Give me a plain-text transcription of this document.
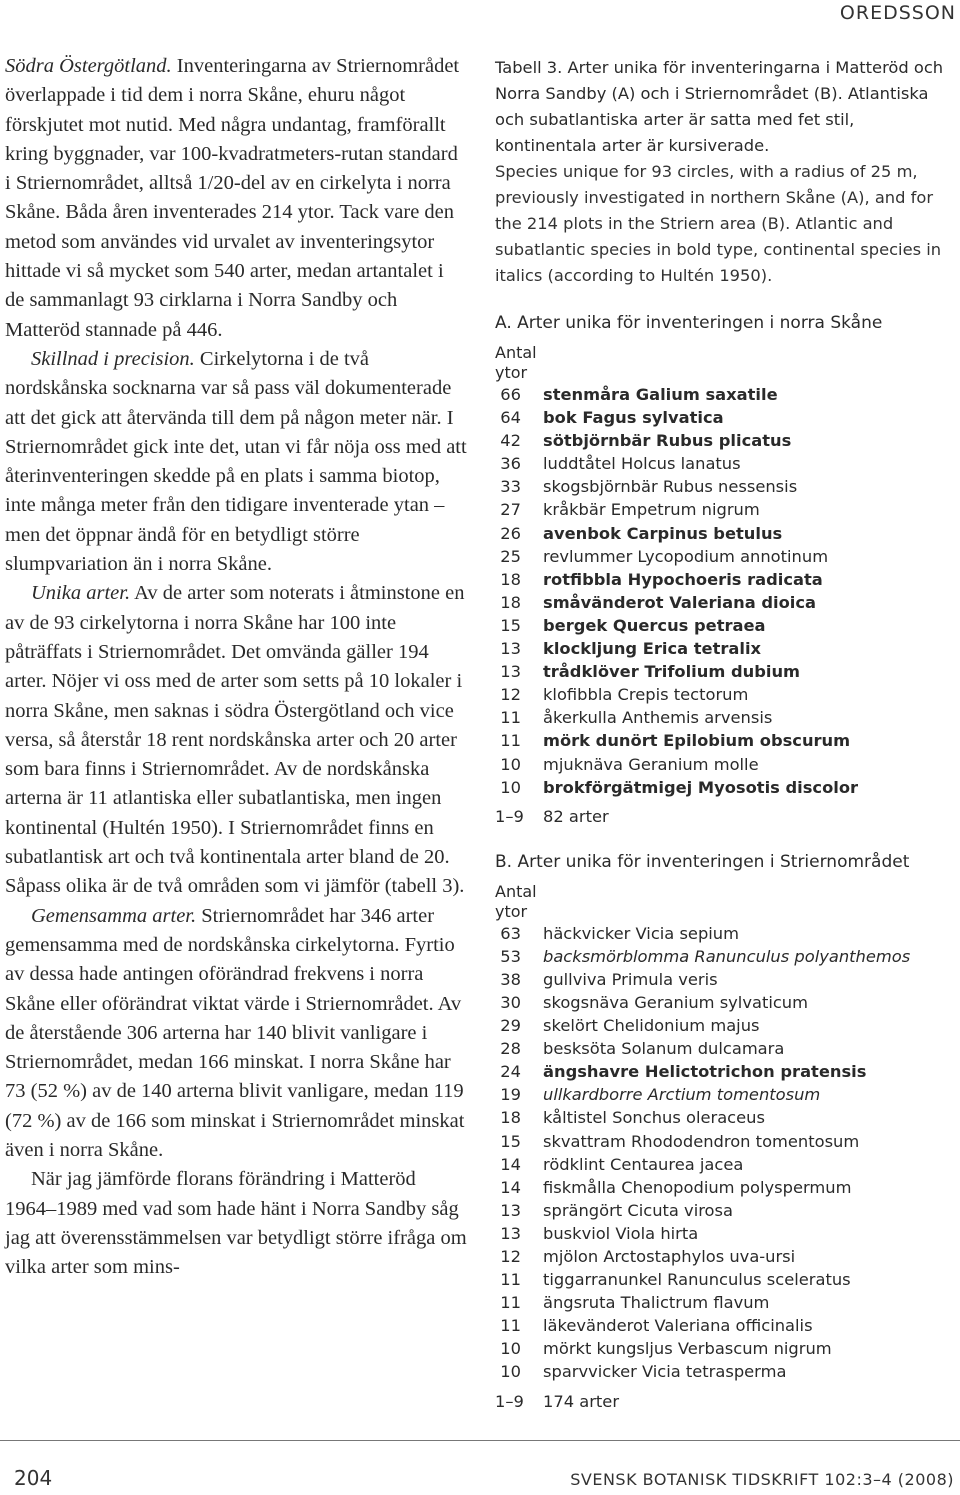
OREDSSON

Södra Östergötland. Inventeringarna av Striernområdet överlappade i tid dem i norra Skåne, ehuru något förskjutet mot nutid. Med några undantag, framförallt kring byggnader, var 100-kvadratmeters-rutan standard i Striernområdet, alltså 1/20-del av en cirkelyta i norra Skåne. Båda åren inventerades 214 ytor. Tack vare den metod som användes vid urvalet av inventeringsytor hittade vi så mycket som 540 arter, medan artantalet i de sammanlagt 93 cirklarna i Norra Sandby och Matteröd stannade på 446.

Skillnad i precision. Cirkelytorna i de två nordskånska socknarna var så pass väl dokumenterade att det gick att återvända till dem på någon meter när. I Striernområdet gick inte det, utan vi får nöja oss med att återinventeringen skedde på en plats i samma biotop, inte många meter från den tidigare inventerade ytan – men det öppnar ändå för en betydligt större slumpvariation än i norra Skåne.

Unika arter. Av de arter som noterats i åtminstone en av de 93 cirkelytorna i norra Skåne har 100 inte påträffats i Striernområdet. Det omvända gäller 194 arter. Nöjer vi oss med de arter som setts på 10 lokaler i norra Skåne, men saknas i södra Östergötland och vice versa, så återstår 18 rent nordskånska arter och 20 arter som bara finns i Striernområdet. Av de nordskånska arterna är 11 atlantiska eller subatlantiska, men ingen kontinental (Hultén 1950). I Striernområdet finns en subatlantisk art och två kontinentala arter bland de 20. Såpass olika är de två områden som vi jämför (tabell 3).

Gemensamma arter. Striernområdet har 346 arter gemensamma med de nordskånska cirkelytorna. Fyrtio av dessa hade antingen oförändrad frekvens i norra Skåne eller oförändrat viktat värde i Striernområdet. Av de återstående 306 arterna har 140 blivit vanligare i Striernområdet, medan 166 minskat. I norra Skåne har 73 (52 %) av de 140 arterna blivit vanligare, medan 119 (72 %) av de 166 som minskat i Striernområdet minskat även i norra Skåne.

När jag jämförde florans förändring i Matteröd 1964–1989 med vad som hade hänt i Norra Sandby såg jag att överensstämmelsen var betydligt större ifråga om vilka arter som mins-

Tabell 3. Arter unika för inventeringarna i Matteröd och Norra Sandby (A) och i Striernområdet (B). Atlantiska och subatlantiska arter är satta med fet stil, kontinentala arter är kursiverade.

Species unique for 93 circles, with a radius of 25 m, previously investigated in northern Skåne (A), and for the 214 plots in the Striern area (B). Atlantic and subatlantic species in bold type, continental species in italics (according to Hultén 1950).

A. Arter unika för inventeringen i norra Skåne
Antal
ytor
66	stenmåra Galium saxatile
64	bok Fagus sylvatica
42	sötbjörnbär Rubus plicatus
36	luddtåtel Holcus lanatus
33	skogsbjörnbär Rubus nessensis
27	kråkbär Empetrum nigrum
26	avenbok Carpinus betulus
25	revlummer Lycopodium annotinum
18	rotfibbla Hypochoeris radicata
18	småvänderot Valeriana dioica
15	bergek Quercus petraea
13	klockljung Erica tetralix
13	trådklöver Trifolium dubium
12	klofibbla Crepis tectorum
11	åkerkulla Anthemis arvensis
11	mörk dunört Epilobium obscurum
10	mjuknäva Geranium molle
10	brokförgätmigej Myosotis discolor
1–9	82 arter
B. Arter unika för inventeringen i Striernområdet
Antal
ytor
63	häckvicker Vicia sepium
53	backsmörblomma Ranunculus polyanthemos
38	gullviva Primula veris
30	skogsnäva Geranium sylvaticum
29	skelört Chelidonium majus
28	besksöta Solanum dulcamara
24	ängshavre Helictotrichon pratensis
19	ullkardborre Arctium tomentosum
18	kåltistel Sonchus oleraceus
15	skvattram Rhododendron tomentosum
14	rödklint Centaurea jacea
14	fiskmålla Chenopodium polyspermum
13	sprängört Cicuta virosa
13	buskviol Viola hirta
12	mjölon Arctostaphylos uva-ursi
11	tiggarranunkel Ranunculus sceleratus
11	ängsruta Thalictrum flavum
11	läkevänderot Valeriana officinalis
10	mörkt kungsljus Verbascum nigrum
10	sparvvicker Vicia tetrasperma
1–9	174 arter
204	SVENSK BOTANISK TIDSKRIFT 102:3–4 (2008)
